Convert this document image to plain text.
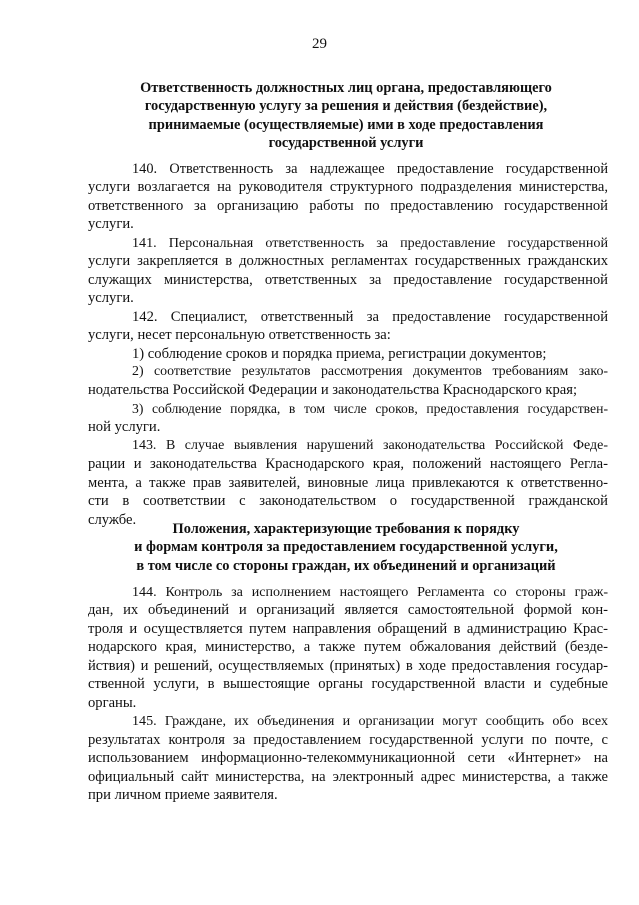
29
Ответственность должностных лиц органа, предоставляющего
государственную услугу за решения и действия (бездействие),
принимаемые (осуществляемые) ими в ходе предоставления
государственной услуги

140. Ответственность за надлежащее предоставление государственной
услуги возлагается на руководителя структурного подразделения министерства,
ответственного за организацию работы по предоставлению государственной
услуги.

141. Персональная ответственность за предоставление государственной
услуги закрепляется в должностных регламентах государственных гражданских
служащих министерства, ответственных за предоставление государственной
услуги.

142. Специалист, ответственный за предоставление государственной
услуги, несет персональную ответственность за:

1) соблюдение сроков и порядка приема, регистрации документов;

2) соответствие результатов рассмотрения документов требованиям зако-
нодательства Российской Федерации и законодательства Краснодарского края;

3) соблюдение порядка, в том числе сроков, предоставления государствен-
ной услуги.

143. В случае выявления нарушений законодательства Российской Феде-
рации и законодательства Краснодарского края, положений настоящего Регла-
мента, а также прав заявителей, виновные лица привлекаются к ответственно-
сти в соответствии с законодательством о государственной гражданской
службе.

Положения, характеризующие требования к порядку
и формам контроля за предоставлением государственной услуги,
в том числе со стороны граждан, их объединений и организаций

144. Контроль за исполнением настоящего Регламента со стороны граж-
дан, их объединений и организаций является самостоятельной формой кон-
троля и осуществляется путем направления обращений в администрацию Крас-
нодарского края, министерство, а также путем обжалования действий (безде-
йствия) и решений, осуществляемых (принятых) в ходе предоставления государ-
ственной услуги, в вышестоящие органы государственной власти и судебные
органы.

145. Граждане, их объединения и организации могут сообщить обо всех
результатах контроля за предоставлением государственной услуги по почте, с
использованием информационно-телекоммуникационной сети «Интернет» на
официальный сайт министерства, на электронный адрес министерства, а также
при личном приеме заявителя.
